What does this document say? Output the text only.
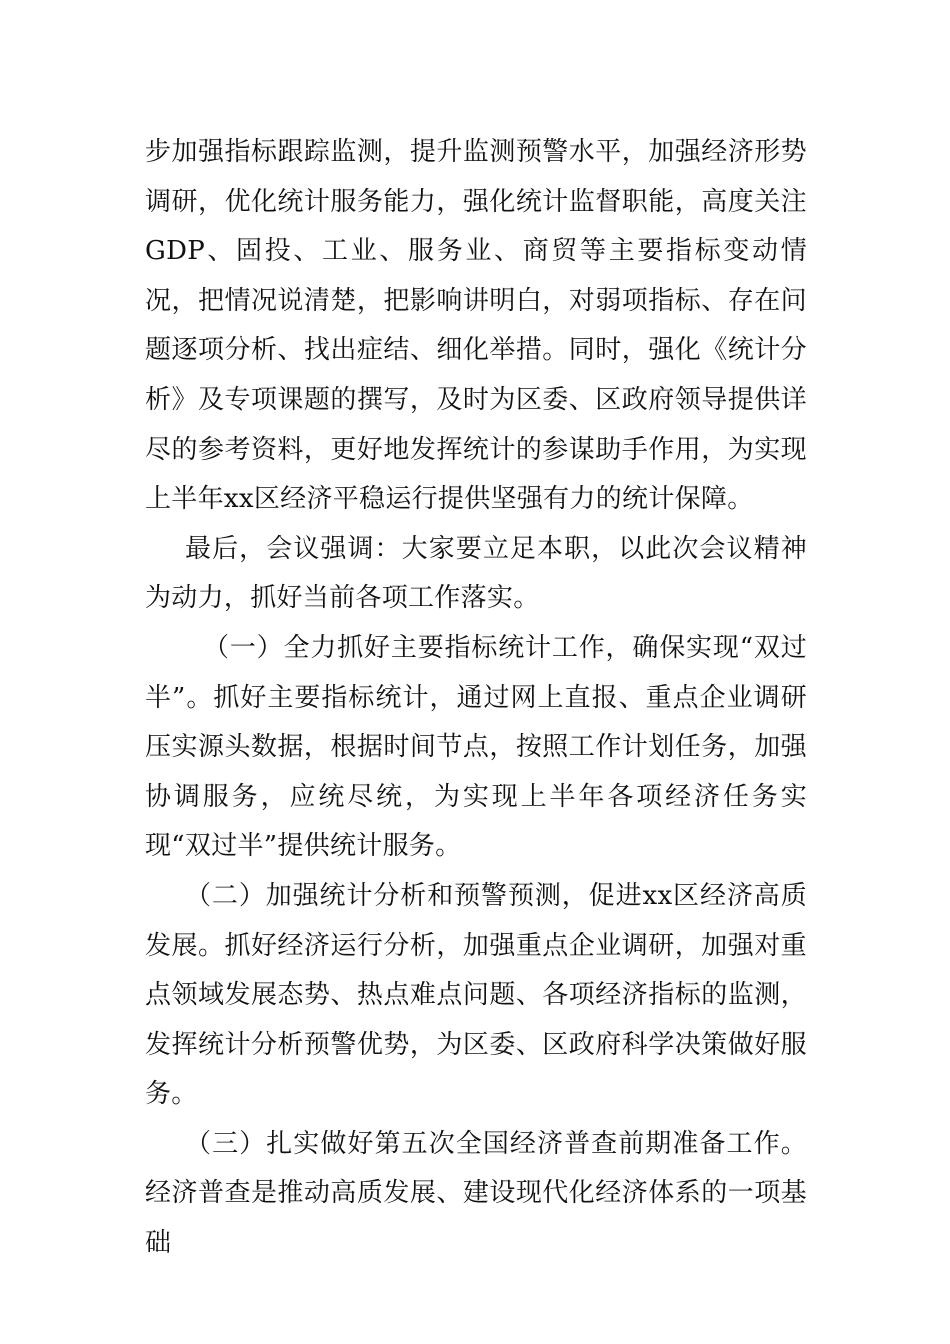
步加强指标跟踪监测，提升监测预警水平，加强经济形势调研，优化统计服务能力，强化统计监督职能，高度关注GDP、固投、工业、服务业、商贸等主要指标变动情况，把情况说清楚，把影响讲明白，对弱项指标、存在问题逐项分析、找出症结、细化举措。同时，强化《统计分析》及专项课题的撰写，及时为区委、区政府领导提供详尽的参考资料，更好地发挥统计的参谋助手作用，为实现上半年xx区经济平稳运行提供坚强有力的统计保障。

最后，会议强调：大家要立足本职，以此次会议精神为动力，抓好当前各项工作落实。

（一）全力抓好主要指标统计工作，确保实现“双过半”。抓好主要指标统计，通过网上直报、重点企业调研压实源头数据，根据时间节点，按照工作计划任务，加强协调服务，应统尽统，为实现上半年各项经济任务实现“双过半”提供统计服务。

（二）加强统计分析和预警预测，促进xx区经济高质发展。抓好经济运行分析，加强重点企业调研，加强对重点领域发展态势、热点难点问题、各项经济指标的监测，发挥统计分析预警优势，为区委、区政府科学决策做好服务。

（三）扎实做好第五次全国经济普查前期准备工作。经济普查是推动高质发展、建设现代化经济体系的一项基础
